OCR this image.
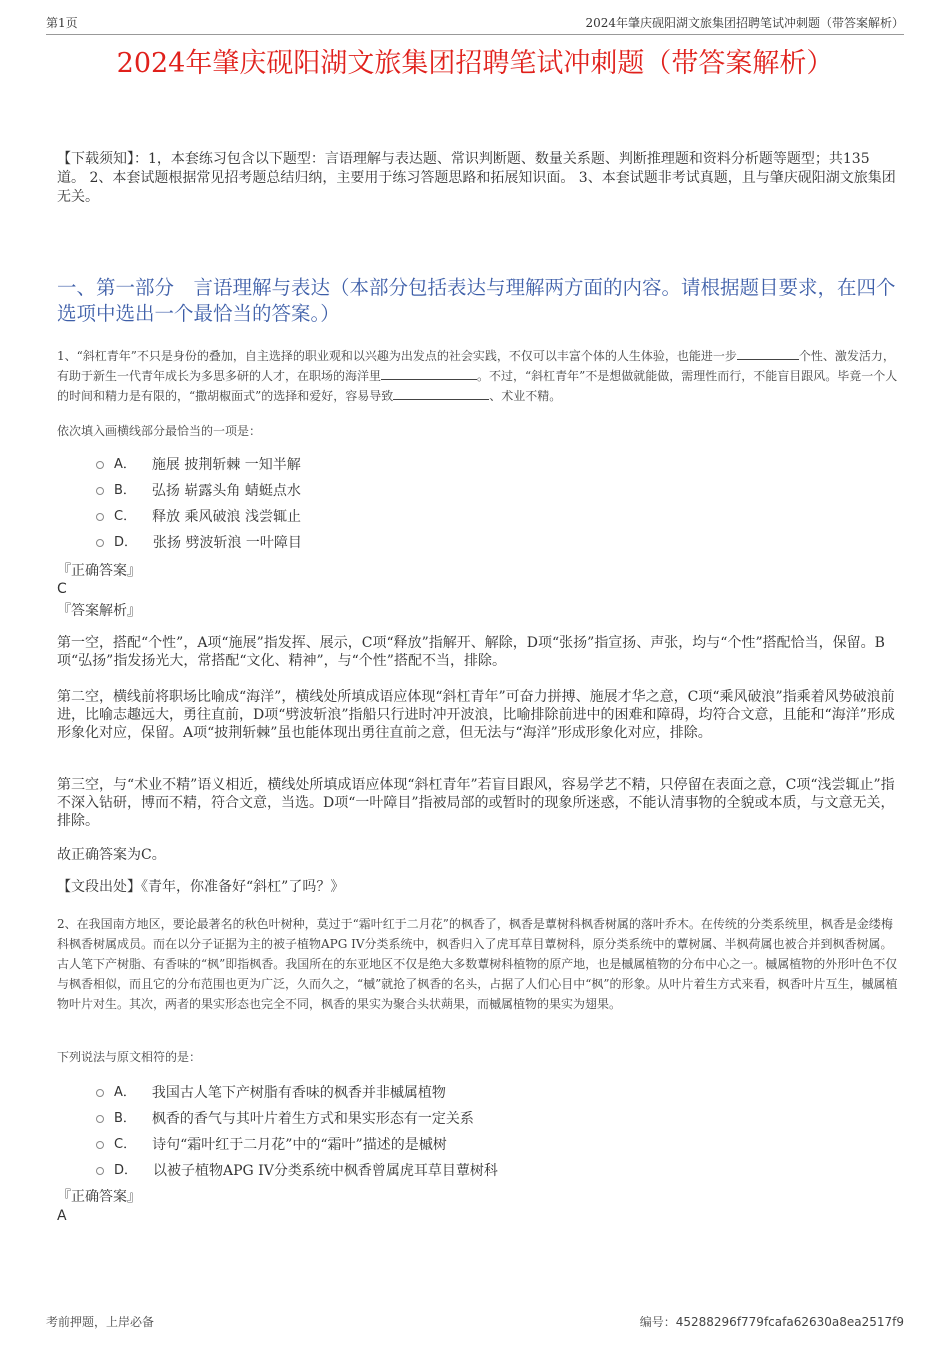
第1页	2024年肇庆砚阳湖文旅集团招聘笔试冲刺题（带答案解析）
2024年肇庆砚阳湖文旅集团招聘笔试冲刺题（带答案解析）
【下载须知】：1，本套练习包含以下题型：言语理解与表达题、常识判断题、数量关系题、判断推理题和资料分析题等题型；共135道。 2、本套试题根据常见招考题总结归纳，主要用于练习答题思路和拓展知识面。 3、本套试题非考试真题，且与肇庆砚阳湖文旅集团无关。
一、第一部分　言语理解与表达（本部分包括表达与理解两方面的内容。请根据题目要求，在四个选项中选出一个最恰当的答案。）
1、“斜杠青年”不只是身份的叠加，自主选择的职业观和以兴趣为出发点的社会实践，不仅可以丰富个体的人生体验，也能进一步	个性、激发活力，有助于新生一代青年成长为多思多研的人才，在职场的海洋里	。不过，“斜杠青年”不是想做就能做，需理性而行，不能盲目跟风。毕竟一个人的时间和精力是有限的，“撒胡椒面式”的选择和爱好，容易导致	、术业不精。
依次填入画横线部分最恰当的一项是：
A． 施展 披荆斩棘 一知半解
B． 弘扬 崭露头角 蜻蜓点水
C． 释放 乘风破浪 浅尝辄止
D． 张扬 劈波斩浪 一叶障目
『正确答案』
C
『答案解析』
第一空，搭配“个性”，A项“施展”指发挥、展示，C项“释放”指解开、解除，D项“张扬”指宣扬、声张，均与“个性”搭配恰当，保留。B项“弘扬”指发扬光大，常搭配“文化、精神”，与“个性”搭配不当，排除。
第二空，横线前将职场比喻成“海洋”，横线处所填成语应体现“斜杠青年”可奋力拼搏、施展才华之意，C项“乘风破浪”指乘着风势破浪前进，比喻志趣远大，勇往直前，D项“劈波斩浪”指船只行进时冲开波浪，比喻排除前进中的困难和障碍，均符合文意，且能和“海洋”形成形象化对应，保留。A项“披荆斩棘”虽也能体现出勇往直前之意，但无法与“海洋”形成形象化对应，排除。
第三空，与“术业不精”语义相近，横线处所填成语应体现“斜杠青年”若盲目跟风，容易学艺不精，只停留在表面之意，C项“浅尝辄止”指不深入钻研，博而不精，符合文意，当选。D项“一叶障目”指被局部的或暂时的现象所迷惑，不能认清事物的全貌或本质，与文意无关，排除。
故正确答案为C。
【文段出处】《青年，你准备好“斜杠”了吗？》
2、在我国南方地区，要论最著名的秋色叶树种，莫过于“霜叶红于二月花”的枫香了，枫香是蕈树科枫香树属的落叶乔木。在传统的分类系统里，枫香是金缕梅科枫香树属成员。而在以分子证据为主的被子植物APG IV分类系统中，枫香归入了虎耳草目蕈树科，原分类系统中的蕈树属、半枫荷属也被合并到枫香树属。古人笔下产树脂、有香味的“枫”即指枫香。我国所在的东亚地区不仅是绝大多数蕈树科植物的原产地，也是槭属植物的分布中心之一。槭属植物的外形叶色不仅与枫香相似，而且它的分布范围也更为广泛，久而久之，“槭”就抢了枫香的名头，占据了人们心目中“枫”的形象。从叶片着生方式来看，枫香叶片互生，槭属植物叶片对生。其次，两者的果实形态也完全不同，枫香的果实为聚合头状蒴果，而槭属植物的果实为翅果。
下列说法与原文相符的是：
A． 我国古人笔下产树脂有香味的枫香并非槭属植物
B． 枫香的香气与其叶片着生方式和果实形态有一定关系
C． 诗句“霜叶红于二月花”中的“霜叶”描述的是槭树
D． 以被子植物APG IV分类系统中枫香曾属虎耳草目蕈树科
『正确答案』
A
考前押题，上岸必备	编号：45288296f779fcafa62630a8ea2517f9
